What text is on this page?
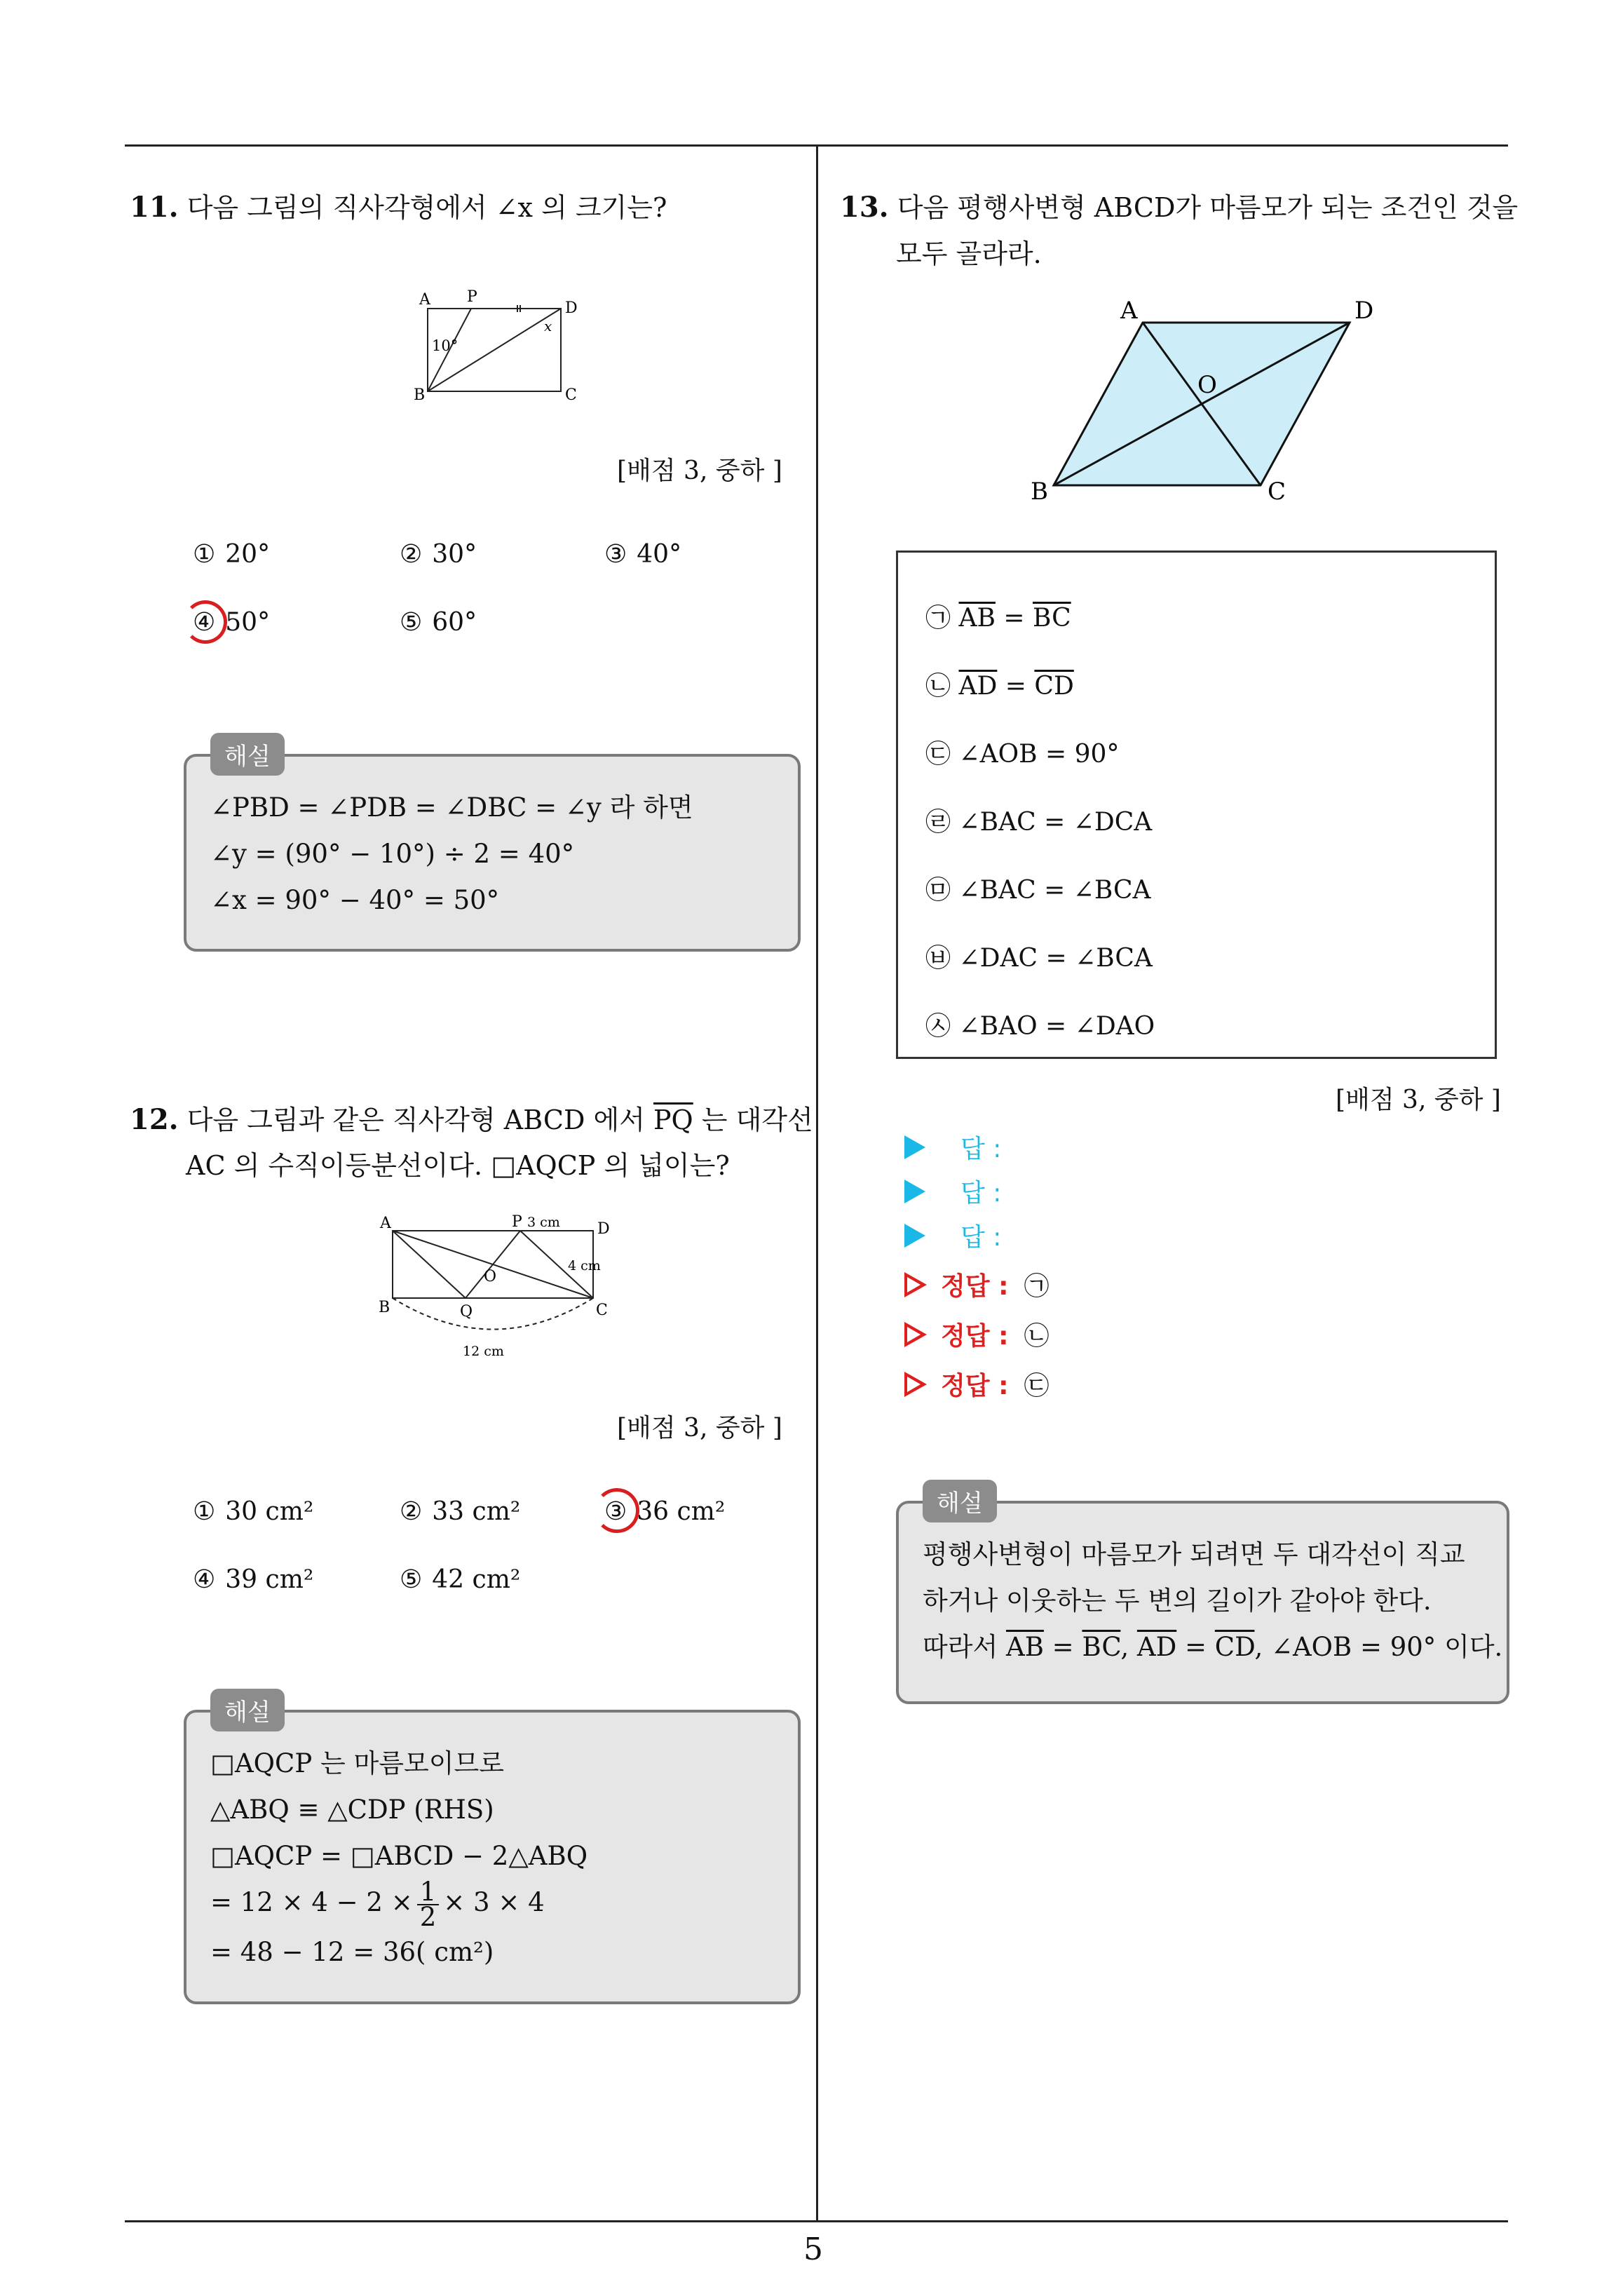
5
11. 다음 그림의 직사각형에서 ∠x 의 크기는?
A P
D
B	C
10°
x
[배점 3, 중하 ]
① 20°	② 30°	③ 40°
④ 50°	⑤ 60°
∠PBD = ∠PDB = ∠DBC = ∠y 라 하면
∠y = (90° − 10°) ÷ 2 = 40°
∠x = 90° − 40° = 50°
해설
12. 다음 그림과 같은 직사각형 ABCD 에서 $\overline{PQ}$ 는 대각선
AC 의 수직이등분선이다. □AQCP 의 넓이는?
A	P	D
B	Q	C
O
3 cm
4 cm
12 cm
[배점 3, 중하 ]
① 30 cm²	② 33 cm²	③ 36 cm²
④ 39 cm²	⑤ 42 cm²
□AQCP 는 마름모이므로
△ABQ ≡ △CDP (RHS)
□AQCP = □ABCD − 2△ABQ
= $12 \times 4 - 2 \times \frac{1}{2} \times 3 \times 4$
= 48 − 12 = 36( cm²)
해설
13. 다음 평행사변형 ABCD가 마름모가 되는 조건인 것을
모두 골라라.
A	D
O
B	C
㉠ $\overline{AB} = \overline{BC}$
㉡ $\overline{AD} = \overline{CD}$
㉢ ∠AOB = 90°
㉣ ∠BAC = ∠DCA
㉤ ∠BAC = ∠BCA
㉥ ∠DAC = ∠BCA
㉦ ∠BAO = ∠DAO
[배점 3, 중하 ]
답 :
답 :
답 :
정답 : ㉠
정답 : ㉡
정답 : ㉢
평행사변형이 마름모가 되려면 두 대각선이 직교
하거나 이웃하는 두 변의 길이가 같아야 한다.
따라서 $\overline{AB} = \overline{BC}$, $\overline{AD} = \overline{CD}$, ∠AOB = 90° 이다.
해설
